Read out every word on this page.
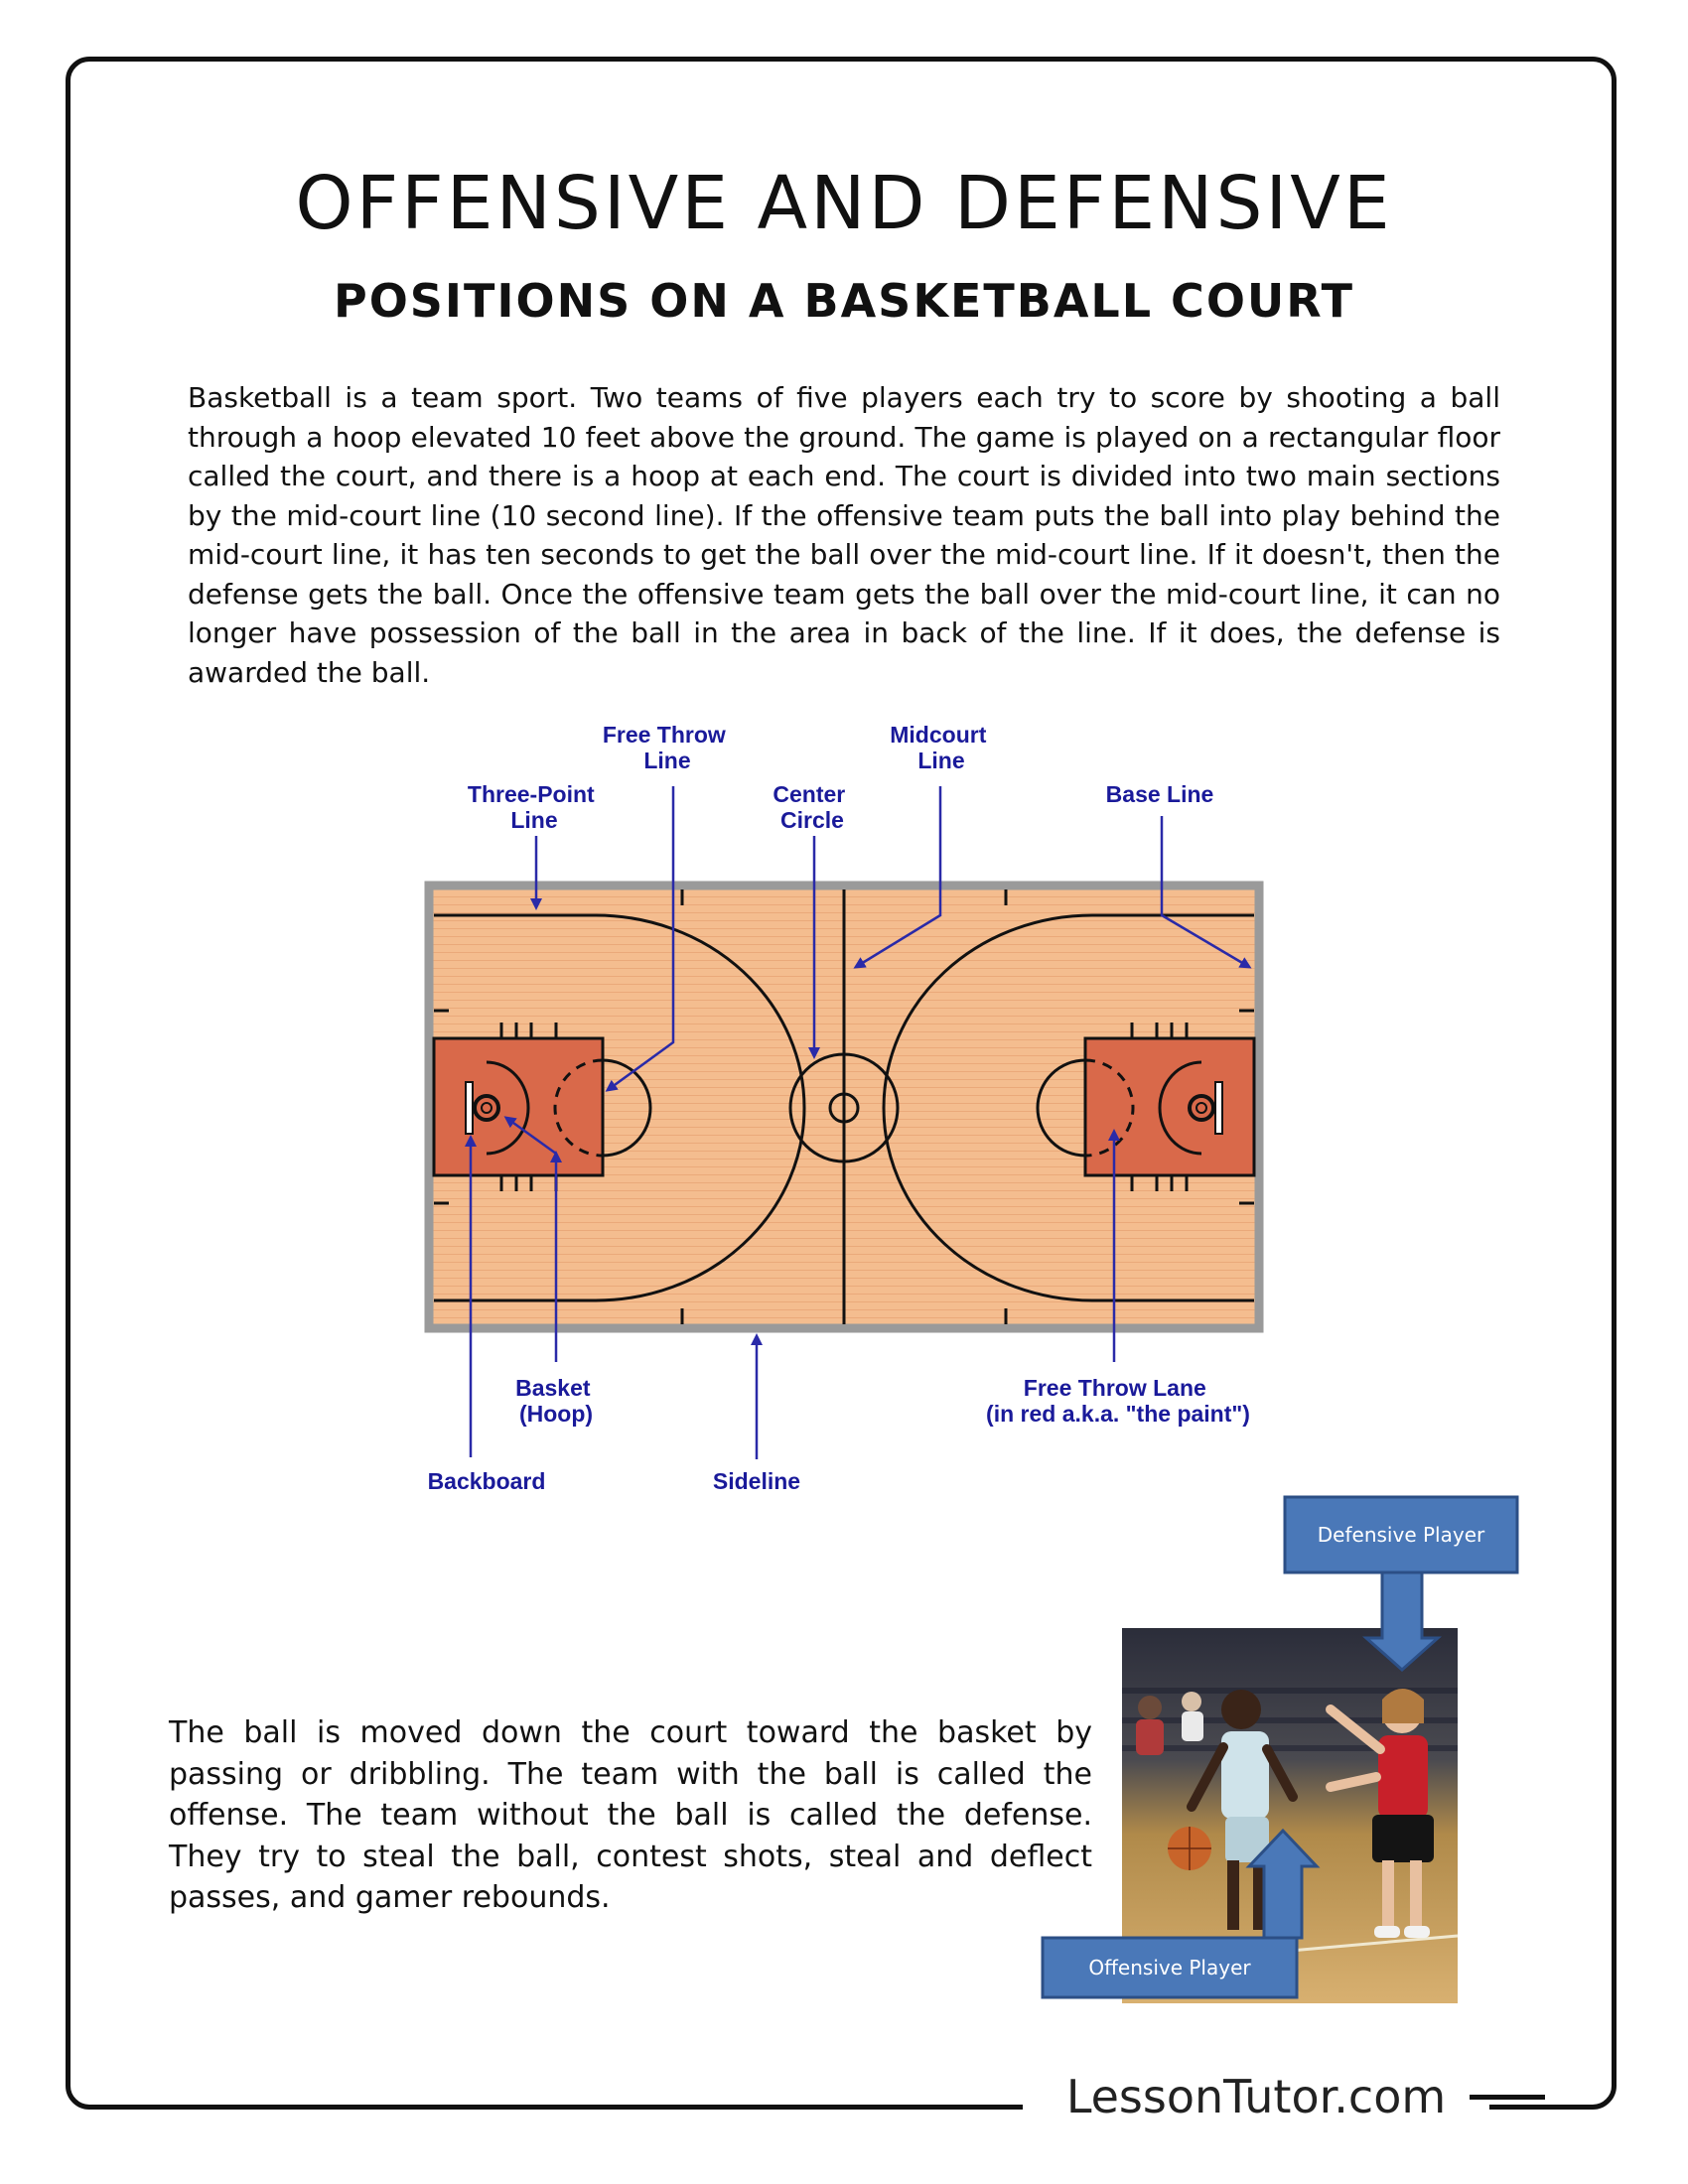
OFFENSIVE AND DEFENSIVE
POSITIONS ON A BASKETBALL COURT

Basketball is a team sport. Two teams of five players each try to score by shooting a ball through a hoop elevated 10 feet above the ground. The game is played on a rectangular floor called the court, and there is a hoop at each end. The court is divided into two main sections by the mid-court line (10 second line). If the offensive team puts the ball into play behind the mid-court line, it has ten seconds to get the ball over the mid-court line. If it doesn't, then the defense gets the ball. Once the offensive team gets the ball over the mid-court line, it can no longer have possession of the ball in the area in back of the line. If it does, the defense is awarded the ball.

Free Throw Line
Midcourt Line
Three-Point Line
Center Circle
Base Line
Basket (Hoop)
Free Throw Lane (in red a.k.a. "the paint")
Backboard	Sideline

The ball is moved down the court toward the basket by passing or dribbling. The team with the ball is called the offense. The team without the ball is called the defense. They try to steal the ball, contest shots, steal and deflect passes, and gamer rebounds.

Defensive Player
Offensive Player
LessonTutor.com
